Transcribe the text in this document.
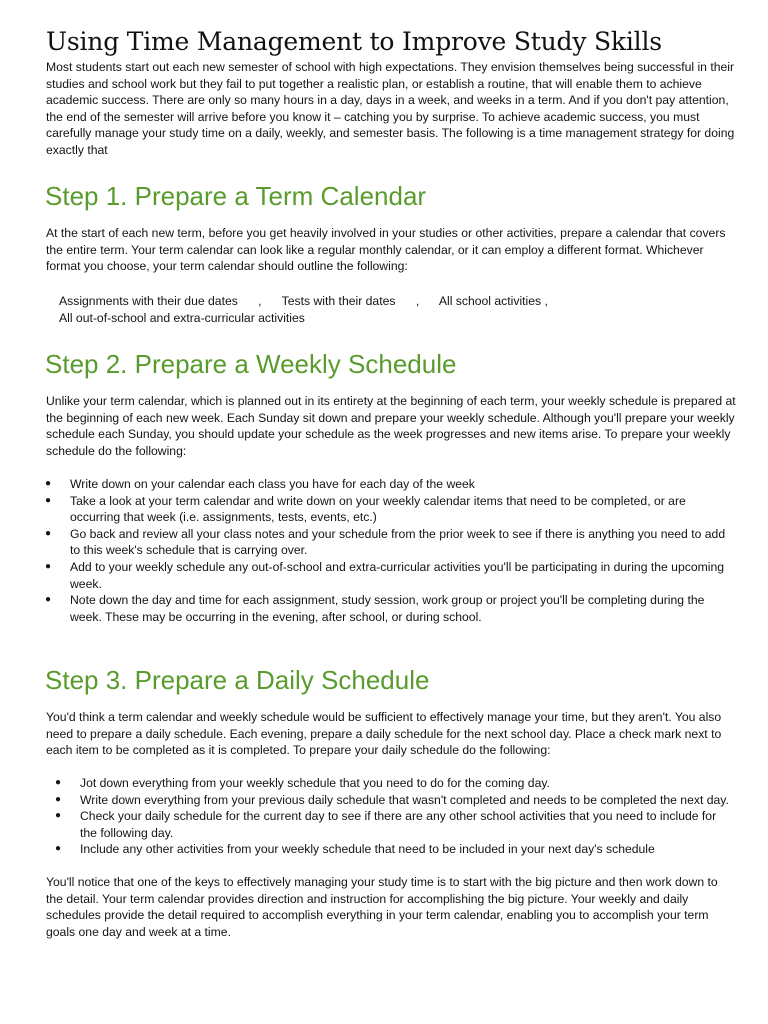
Using Time Management to Improve Study Skills

Most students start out each new semester of school with high expectations. They envision themselves being successful in their studies and school work but they fail to put together a realistic plan, or establish a routine, that will enable them to achieve academic success. There are only so many hours in a day, days in a week, and weeks in a term. And if you don't pay attention, the end of the semester will arrive before you know it – catching you by surprise. To achieve academic success, you must carefully manage your study time on a daily, weekly, and semester basis. The following is a time management strategy for doing exactly that

Step 1. Prepare a Term Calendar

At the start of each new term, before you get heavily involved in your studies or other activities, prepare a calendar that covers the entire term. Your term calendar can look like a regular monthly calendar, or it can employ a different format. Whichever format you choose, your term calendar should outline the following:

Assignments with their due dates , Tests with their dates , All school activities ,
All out-of-school and extra-curricular activities
Step 2. Prepare a Weekly Schedule

Unlike your term calendar, which is planned out in its entirety at the beginning of each term, your weekly schedule is prepared at the beginning of each new week. Each Sunday sit down and prepare your weekly schedule. Although you'll prepare your weekly schedule each Sunday, you should update your schedule as the week progresses and new items arise. To prepare your weekly schedule do the following:

● Write down on your calendar each class you have for each day of the week
● Take a look at your term calendar and write down on your weekly calendar items that need to be completed, or are occurring that week (i.e. assignments, tests, events, etc.)
● Go back and review all your class notes and your schedule from the prior week to see if there is anything you need to add to this week's schedule that is carrying over.
● Add to your weekly schedule any out-of-school and extra-curricular activities you'll be participating in during the upcoming week.
● Note down the day and time for each assignment, study session, work group or project you'll be completing during the week. These may be occurring in the evening, after school, or during school.
Step 3. Prepare a Daily Schedule

You'd think a term calendar and weekly schedule would be sufficient to effectively manage your time, but they aren't. You also need to prepare a daily schedule. Each evening, prepare a daily schedule for the next school day. Place a check mark next to each item to be completed as it is completed. To prepare your daily schedule do the following:

● Jot down everything from your weekly schedule that you need to do for the coming day.
● Write down everything from your previous daily schedule that wasn't completed and needs to be completed the next day.
● Check your daily schedule for the current day to see if there are any other school activities that you need to include for the following day.
● Include any other activities from your weekly schedule that need to be included in your next day's schedule

You'll notice that one of the keys to effectively managing your study time is to start with the big picture and then work down to the detail. Your term calendar provides direction and instruction for accomplishing the big picture. Your weekly and daily schedules provide the detail required to accomplish everything in your term calendar, enabling you to accomplish your term goals one day and week at a time.
